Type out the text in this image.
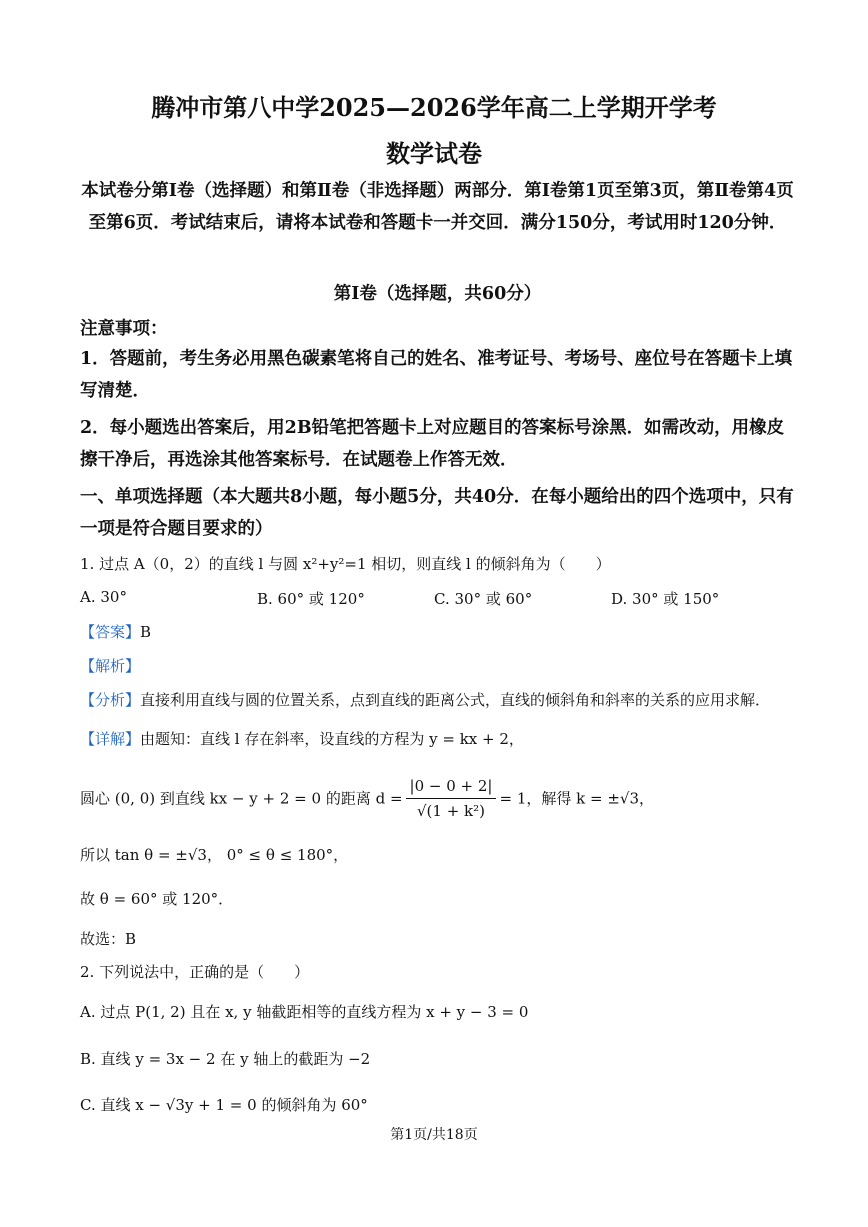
腾冲市第八中学2025—2026学年高二上学期开学考
数学试卷
本试卷分第Ⅰ卷（选择题）和第Ⅱ卷（非选择题）两部分．第Ⅰ卷第1页至第3页，第Ⅱ卷第4页至第6页．考试结束后，请将本试卷和答题卡一并交回．满分150分，考试用时120分钟．
第Ⅰ卷（选择题，共60分）
注意事项：
1．答题前，考生务必用黑色碳素笔将自己的姓名、准考证号、考场号、座位号在答题卡上填写清楚．
2．每小题选出答案后，用2B铅笔把答题卡上对应题目的答案标号涂黑．如需改动，用橡皮擦干净后，再选涂其他答案标号．在试题卷上作答无效．
一、单项选择题（本大题共8小题，每小题5分，共40分．在每小题给出的四个选项中，只有一项是符合题目要求的）
1. 过点 A（0，2）的直线 l 与圆 x²+y²=1 相切，则直线 l 的倾斜角为（　　）
A. 30°	B. 60° 或 120°	C. 30° 或 60°	D. 30° 或 150°
【答案】B
【解析】
【分析】直接利用直线与圆的位置关系，点到直线的距离公式，直线的倾斜角和斜率的关系的应用求解．
【详解】由题知：直线 l 存在斜率，设直线的方程为 y = kx + 2，
圆心 (0, 0) 到直线 kx − y + 2 = 0 的距离 $d = \frac{|0 - 0 + 2|}{\text{√(1 + k²)}} = 1$，解得 k = ±√3，
所以 tan θ = ±√3， 0° ≤ θ ≤ 180°，
故 θ = 60° 或 120°．
故选：B
2. 下列说法中，正确的是（　　）
A. 过点 P(1, 2) 且在 x, y 轴截距相等的直线方程为 x + y − 3 = 0
B. 直线 y = 3x − 2 在 y 轴上的截距为 −2
C. 直线 x − √3y + 1 = 0 的倾斜角为 60°
第1页/共18页
